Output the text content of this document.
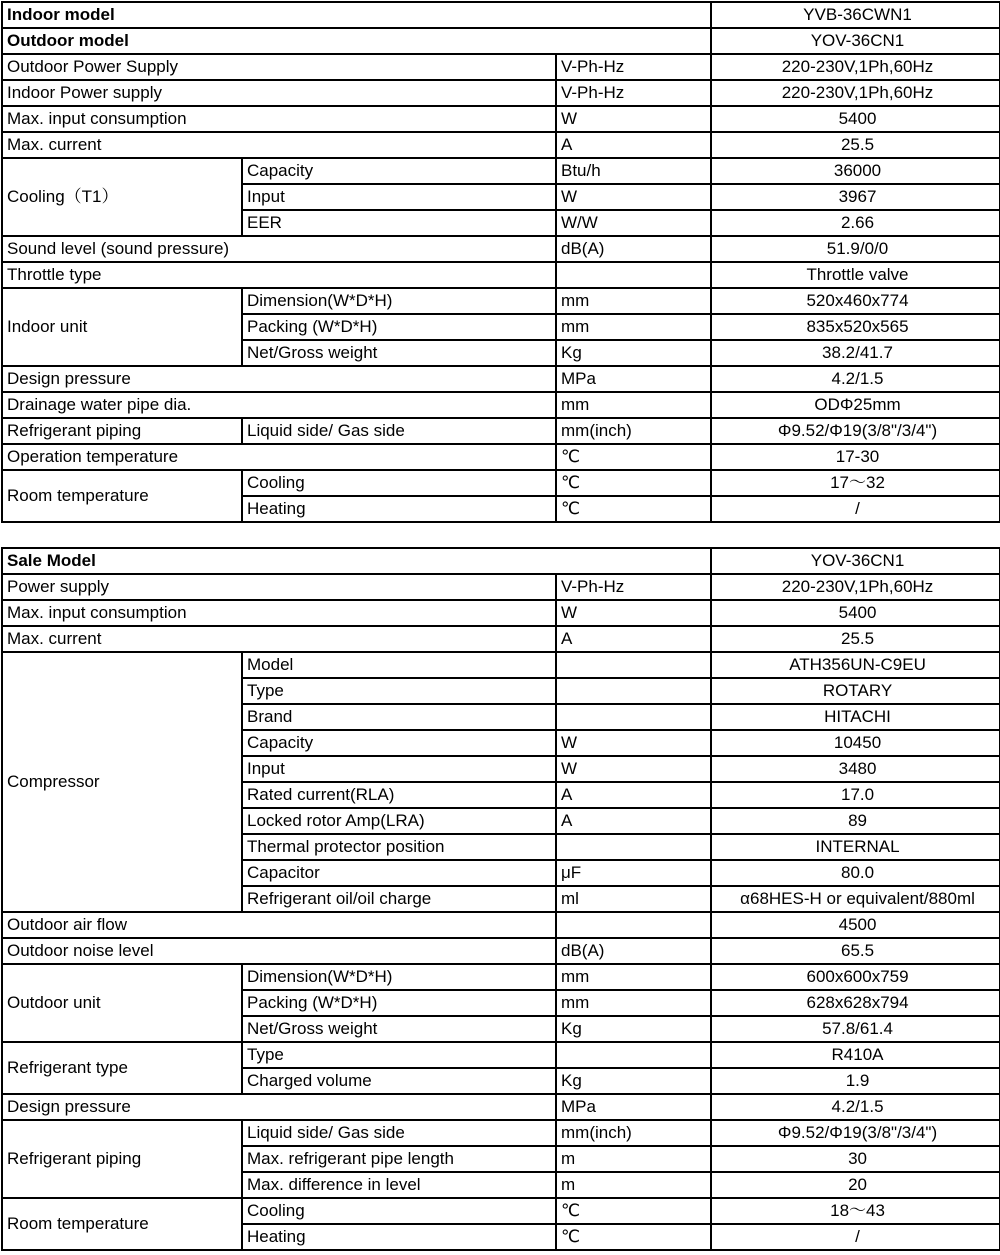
Indoor model			YVB-36CWN1
Outdoor model			YOV-36CN1
Outdoor Power Supply		V-Ph-Hz	220-230V,1Ph,60Hz
Indoor Power supply		V-Ph-Hz	220-230V,1Ph,60Hz
Max. input consumption		W	5400
Max. current		A	25.5
Cooling（T1）	Capacity	Btu/h	36000
	Input	W	3967
	EER	W/W	2.66
Sound level (sound pressure)		dB(A)	51.9/0/0
Throttle type			Throttle valve
Indoor unit	Dimension(W*D*H)	mm	520x460x774
	Packing (W*D*H)	mm	835x520x565
	Net/Gross weight	Kg	38.2/41.7
Design pressure		MPa	4.2/1.5
Drainage water pipe dia.		mm	ODΦ25mm
Refrigerant piping	Liquid side/ Gas side	mm(inch)	Φ9.52/Φ19(3/8"/3/4")
Operation temperature		℃	17-30
Room temperature	Cooling	℃	17～32
	Heating	℃	/
Sale Model			YOV-36CN1
Power supply		V-Ph-Hz	220-230V,1Ph,60Hz
Max. input consumption		W	5400
Max. current		A	25.5
Compressor	Model		ATH356UN-C9EU
	Type		ROTARY
	Brand		HITACHI
	Capacity	W	10450
	Input	W	3480
	Rated current(RLA)	A	17.0
	Locked rotor Amp(LRA)	A	89
	Thermal protector position		INTERNAL
	Capacitor	μF	80.0
	Refrigerant oil/oil charge	ml	α68HES-H or equivalent/880ml
Outdoor air flow			4500
Outdoor noise level		dB(A)	65.5
Outdoor unit	Dimension(W*D*H)	mm	600x600x759
	Packing (W*D*H)	mm	628x628x794
	Net/Gross weight	Kg	57.8/61.4
Refrigerant type	Type		R410A
	Charged volume	Kg	1.9
Design pressure		MPa	4.2/1.5
Refrigerant piping	Liquid side/ Gas side	mm(inch)	Φ9.52/Φ19(3/8"/3/4")
	Max. refrigerant pipe length	m	30
	Max. difference in level	m	20
Room temperature	Cooling	℃	18～43
	Heating	℃	/
